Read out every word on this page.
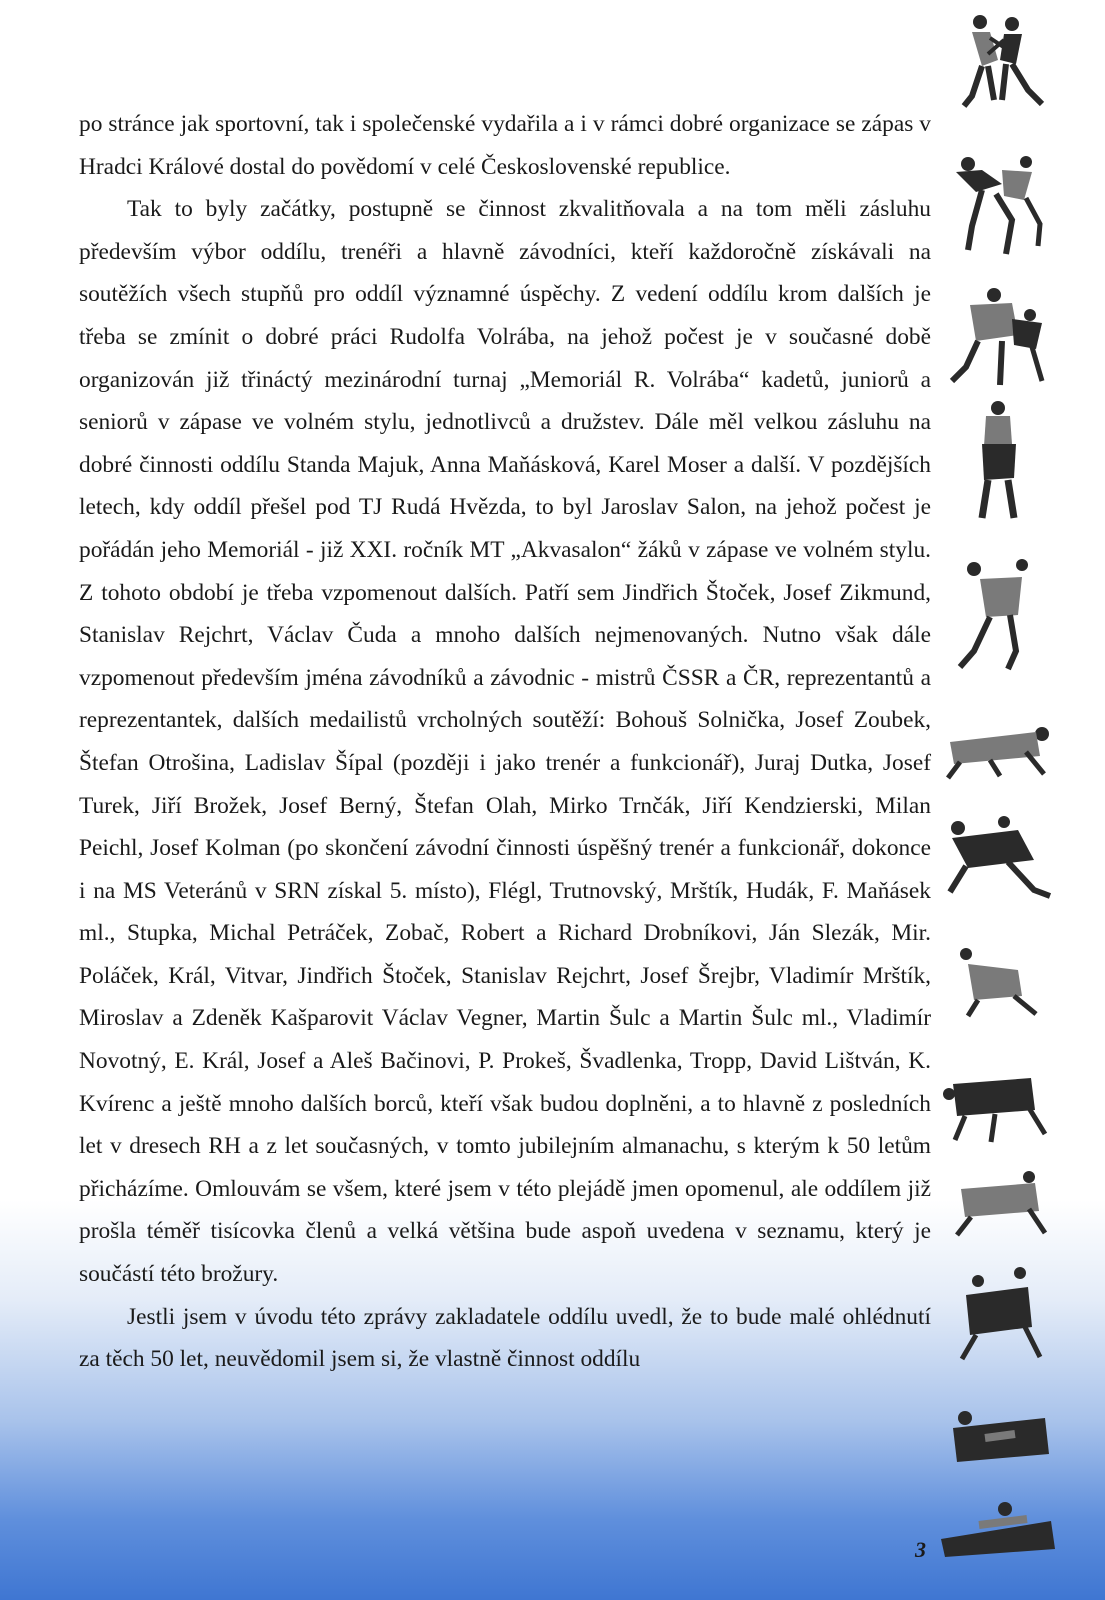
po stránce jak sportovní, tak i společenské vydařila a i v rámci dobré organizace se zápas v Hradci Králové dostal do povědomí v celé Československé republice.

Tak to byly začátky, postupně se činnost zkvalitňovala a na tom měli zásluhu především výbor oddílu, trenéři a hlavně závodníci, kteří každoročně získávali na soutěžích všech stupňů pro oddíl významné úspěchy. Z vedení oddílu krom dalších je třeba se zmínit o dobré práci Rudolfa Volrába, na jehož počest je v současné době organizován již třináctý mezinárodní turnaj „Memoriál R. Volrába“ kadetů, juniorů a seniorů v zápase ve volném stylu, jednotlivců a družstev. Dále měl velkou zásluhu na dobré činnosti oddílu Standa Majuk, Anna Maňásková, Karel Moser a další. V pozdějších letech, kdy oddíl přešel pod TJ Rudá Hvězda, to byl Jaroslav Salon, na jehož počest je pořádán jeho Memoriál - již XXI. ročník MT „Akvasalon“ žáků v zápase ve volném stylu. Z tohoto období je třeba vzpomenout dalších. Patří sem Jindřich Štoček, Josef Zikmund, Stanislav Rejchrt, Václav Čuda a mnoho dalších nejmenovaných. Nutno však dále vzpomenout především jména závodníků a závodnic - mistrů ČSSR a ČR, reprezentantů a reprezentantek, dalších medailistů vrcholných soutěží: Bohouš Solnička, Josef Zoubek, Štefan Otrošina, Ladislav Šípal (později i jako trenér a funkcionář), Juraj Dutka, Josef Turek, Jiří Brožek, Josef Berný, Štefan Olah, Mirko Trnčák, Jiří Kendzierski, Milan Peichl, Josef Kolman (po skončení závodní činnosti úspěšný trenér a funkcionář, dokonce i na MS Veteránů v SRN získal 5. místo), Flégl, Trutnovský, Mrštík, Hudák, F. Maňásek ml., Stupka, Michal Petráček, Zobač, Robert a Richard Drobníkovi, Ján Slezák, Mir. Poláček, Král, Vitvar, Jindřich Štoček, Stanislav Rejchrt, Josef Šrejbr, Vladimír Mrštík, Miroslav a Zdeněk Kašparovit Václav Vegner, Martin Šulc a Martin Šulc ml., Vladimír Novotný, E. Král, Josef a Aleš Bačinovi, P. Prokeš, Švadlenka, Tropp, David Lištván, K. Kvírenc a ještě mnoho dalších borců, kteří však budou doplněni, a to hlavně z posledních let v dresech RH a z let současných, v tomto jubilejním almanachu, s kterým k 50 letům přicházíme. Omlouvám se všem, které jsem v této plejádě jmen opomenul, ale oddílem již prošla téměř tisícovka členů a velká většina bude aspoň uvedena v seznamu, který je součástí této brožury.

Jestli jsem v úvodu této zprávy zakladatele oddílu uvedl, že to bude malé ohlédnutí za těch 50 let, neuvědomil jsem si, že vlastně činnost oddílu

3
